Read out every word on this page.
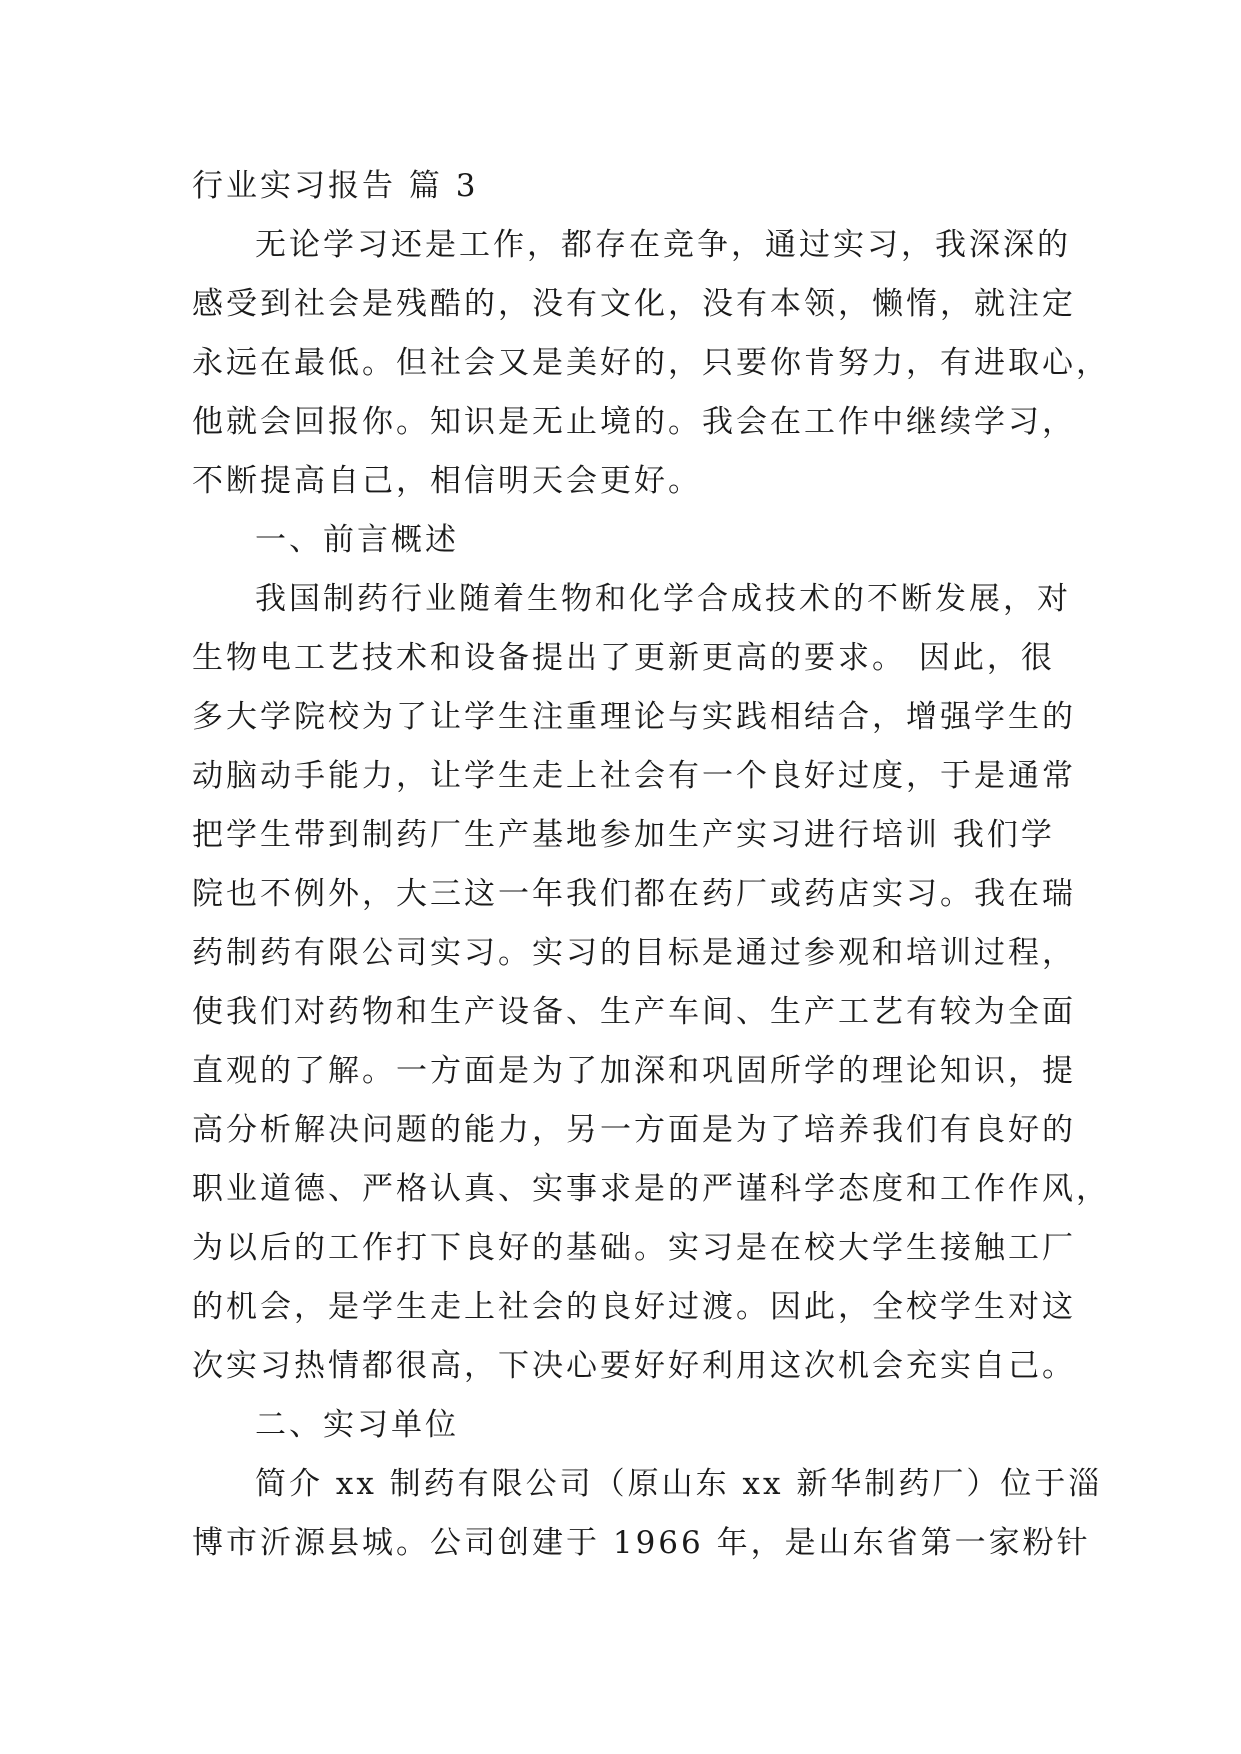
行业实习报告 篇 3
无论学习还是工作，都存在竞争，通过实习，我深深的
感受到社会是残酷的，没有文化，没有本领，懒惰，就注定
永远在最低。但社会又是美好的，只要你肯努力，有进取心，
他就会回报你。知识是无止境的。我会在工作中继续学习，
不断提高自己，相信明天会更好。
一、前言概述
我国制药行业随着生物和化学合成技术的不断发展，对
生物电工艺技术和设备提出了更新更高的要求。 因此，很
多大学院校为了让学生注重理论与实践相结合，增强学生的
动脑动手能力，让学生走上社会有一个良好过度，于是通常
把学生带到制药厂生产基地参加生产实习进行培训 我们学
院也不例外，大三这一年我们都在药厂或药店实习。我在瑞
药制药有限公司实习。实习的目标是通过参观和培训过程，
使我们对药物和生产设备、生产车间、生产工艺有较为全面
直观的了解。一方面是为了加深和巩固所学的理论知识，提
高分析解决问题的能力，另一方面是为了培养我们有良好的
职业道德、严格认真、实事求是的严谨科学态度和工作作风，
为以后的工作打下良好的基础。实习是在校大学生接触工厂
的机会，是学生走上社会的良好过渡。因此，全校学生对这
次实习热情都很高，下决心要好好利用这次机会充实自己。
二、实习单位
简介 xx 制药有限公司（原山东 xx 新华制药厂）位于淄
博市沂源县城。公司创建于 1966 年，是山东省第一家粉针
